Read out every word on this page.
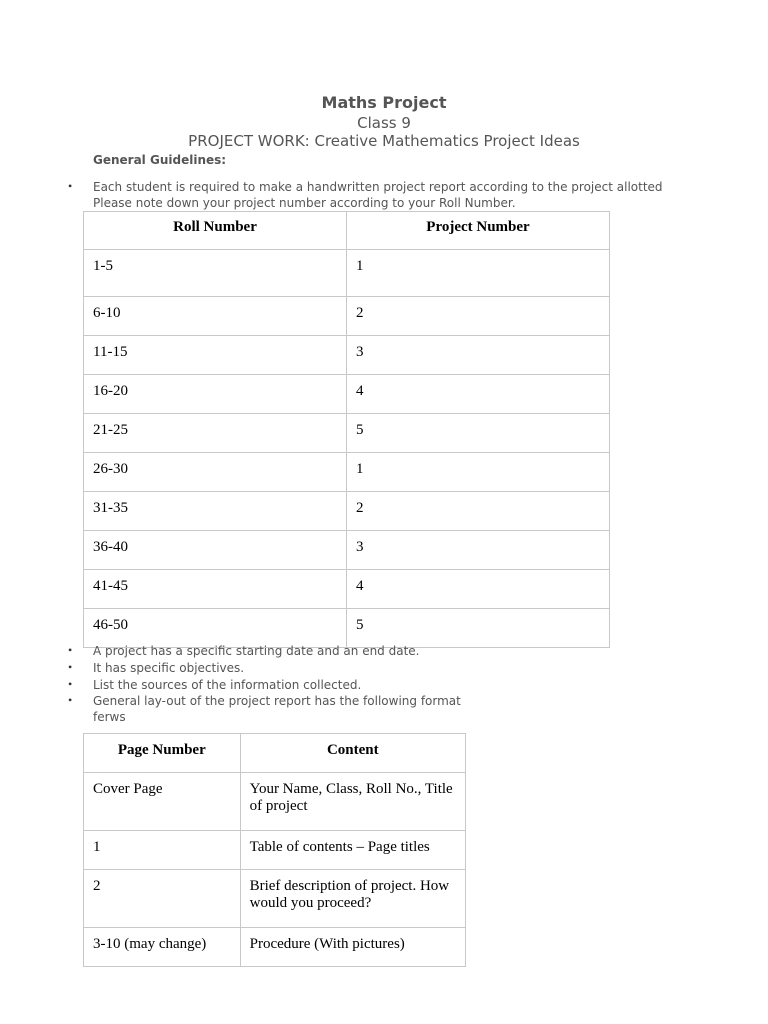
Maths Project
Class 9
PROJECT WORK: Creative Mathematics Project Ideas
General Guidelines:
• Each student is required to make a handwritten project report according to the project allotted
Please note down your project number according to your Roll Number.
Roll Number	Project Number
1-5	1
6-10	2
11-15	3
16-20	4
21-25	5
26-30	1
31-35	2
36-40	3
41-45	4
46-50	5
• A project has a specific starting date and an end date.
• It has specific objectives.
• List the sources of the information collected.
• General lay-out of the project report has the following format
ferws
Page Number	Content
Cover Page	Your Name, Class, Roll No., Title of project
1	Table of contents – Page titles
2	Brief description of project. How would you proceed?
3-10 (may change)	Procedure (With pictures)
